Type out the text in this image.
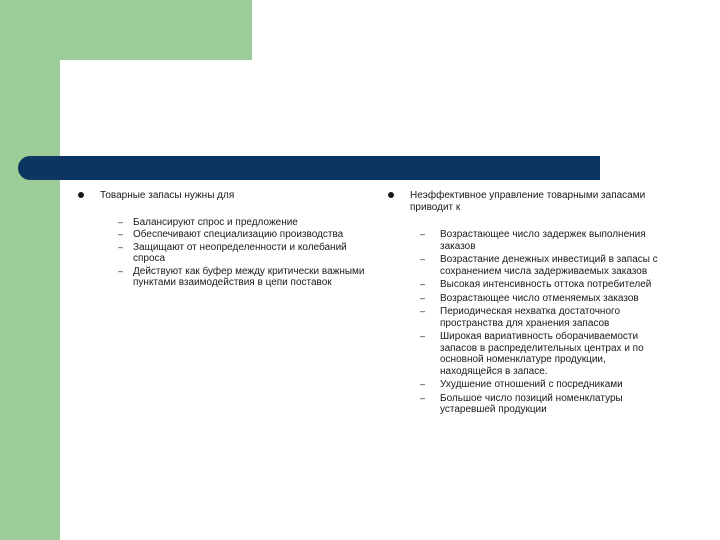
Товарные запасы нужны для
– Балансируют спрос и предложение
– Обеспечивают специализацию производства
– Защищают от неопределенности и колебаний спроса
– Действуют как буфер между критически важными пунктами взаимодействия в цепи поставок
Неэффективное управление товарными запасами приводит к
– Возрастающее число задержек выполнения заказов
– Возрастание денежных инвестиций в запасы с сохранением числа задерживаемых заказов
– Высокая интенсивность оттока потребителей
– Возрастающее число отменяемых заказов
– Периодическая нехватка достаточного пространства для хранения запасов
– Широкая вариативность оборачиваемости запасов в распределительных центрах и по основной номенклатуре продукции, находящейся в запасе.
– Ухудшение отношений с посредниками
– Большое число позиций номенклатуры устаревшей продукции
